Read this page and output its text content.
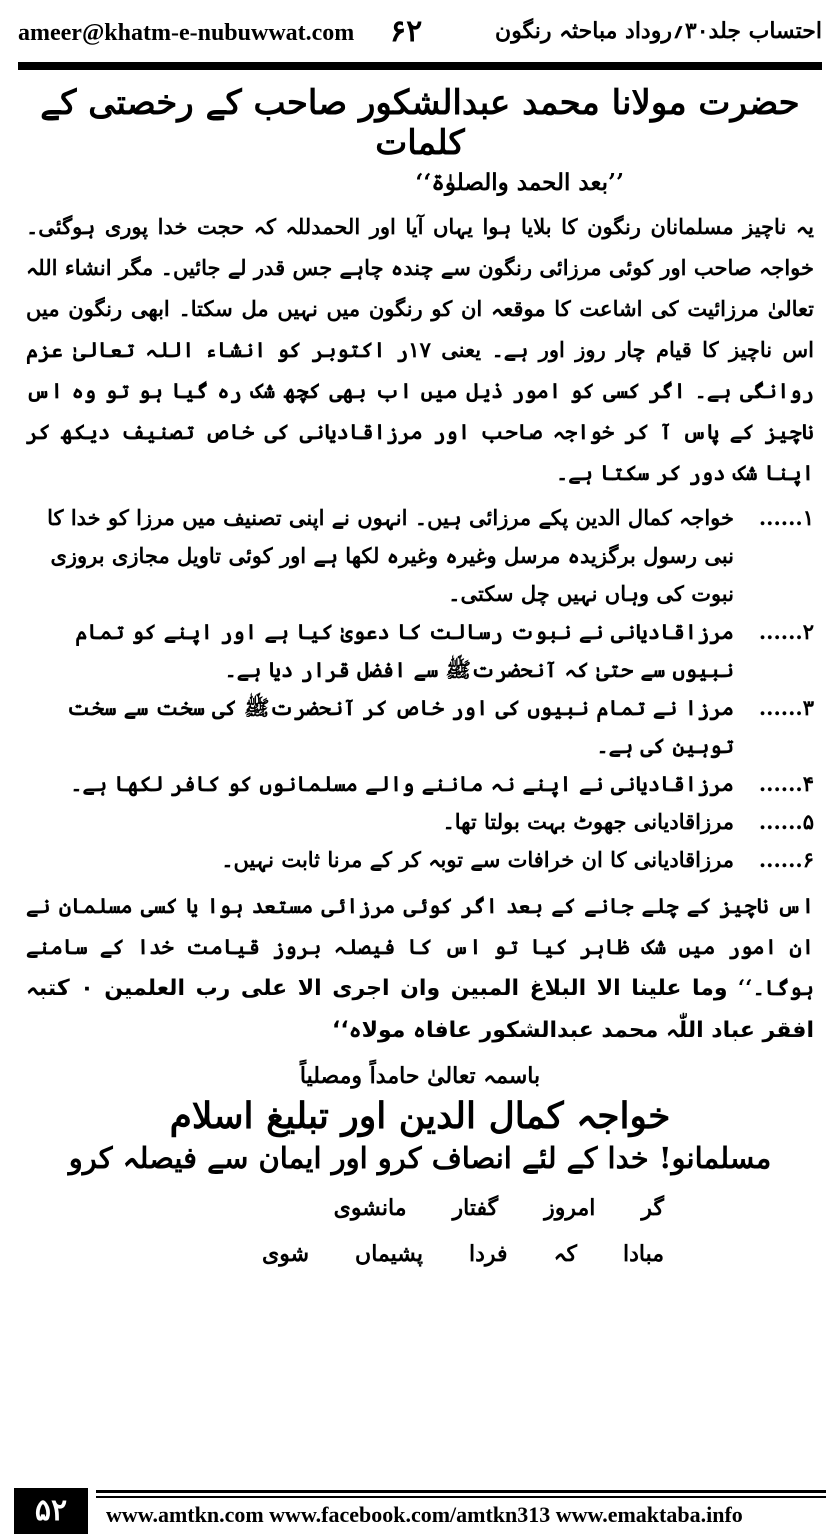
ameer@khatm-e-nubuwwat.com ۶۲	احتساب جلد۳۰؍روداد مباحثہ رنگون
حضرت مولانا محمد عبدالشکور صاحب کے رخصتی کے کلمات
’’بعد الحمد والصلوٰۃ‘‘
یہ ناچیز مسلمانان رنگون کا بلایا ہوا یہاں آیا اور الحمدللہ کہ حجت خدا پوری ہوگئی۔ خواجہ صاحب اور کوئی مرزائی رنگون سے چندہ چاہے جس قدر لے جائیں۔ مگر انشاء اللہ تعالیٰ مرزائیت کی اشاعت کا موقعہ ان کو رنگون میں نہیں مل سکتا۔ ابھی رنگون میں اس ناچیز کا قیام چار روز اور ہے۔ یعنی ۱۷ر اکتوبر کو انشاء اللہ تعالیٰ عزم روانگی ہے۔ اگر کسی کو امور ذیل میں اب بھی کچھ شک رہ گیا ہو تو وہ اس ناچیز کے پاس آ کر خواجہ صاحب اور مرزاقادیانی کی خاص تصنیف دیکھ کر اپنا شک دور کر سکتا ہے۔
۱......
خواجہ کمال الدین پکے مرزائی ہیں۔ انہوں نے اپنی تصنیف میں مرزا کو خدا کا نبی رسول برگزیدہ مرسل وغیرہ وغیرہ لکھا ہے اور کوئی تاویل مجازی بروزی نبوت کی وہاں نہیں چل سکتی۔
۲......
مرزاقادیانی نے نبوت رسالت کا دعویٰ کیا ہے اور اپنے کو تمام نبیوں سے حتیٰ کہ آنحضرتﷺ سے افضل قرار دیا ہے۔
۳......
مرزا نے تمام نبیوں کی اور خاص کر آنحضرتﷺ کی سخت سے سخت توہین کی ہے۔
۴......
مرزاقادیانی نے اپنے نہ ماننے والے مسلمانوں کو کافر لکھا ہے۔
۵......
مرزاقادیانی جھوٹ بہت بولتا تھا۔
۶......
مرزاقادیانی کا ان خرافات سے توبہ کر کے مرنا ثابت نہیں۔
اس ناچیز کے چلے جانے کے بعد اگر کوئی مرزائی مستعد ہوا یا کسی مسلمان نے ان امور میں شک ظاہر کیا تو اس کا فیصلہ بروز قیامت خدا کے سامنے ہوگا۔‘‘ وما علینا الا البلاغ المبین وان اجری الا علی رب العلمین ۰ کتبہ افقر عباد اللّٰہ محمد عبدالشکور عافاہ مولاہ‘‘
باسمہ تعالیٰ حامداً ومصلیاً
خواجہ کمال الدین اور تبلیغ اسلام
مسلمانو! خدا کے لئے انصاف کرو اور ایمان سے فیصلہ کرو
گر
امروز
گفتار
مانشوی
مبادا
کہ
فردا
پشیماں
شوی
۵۲	www.amtkn.com www.facebook.com/amtkn313 www.emaktaba.info
